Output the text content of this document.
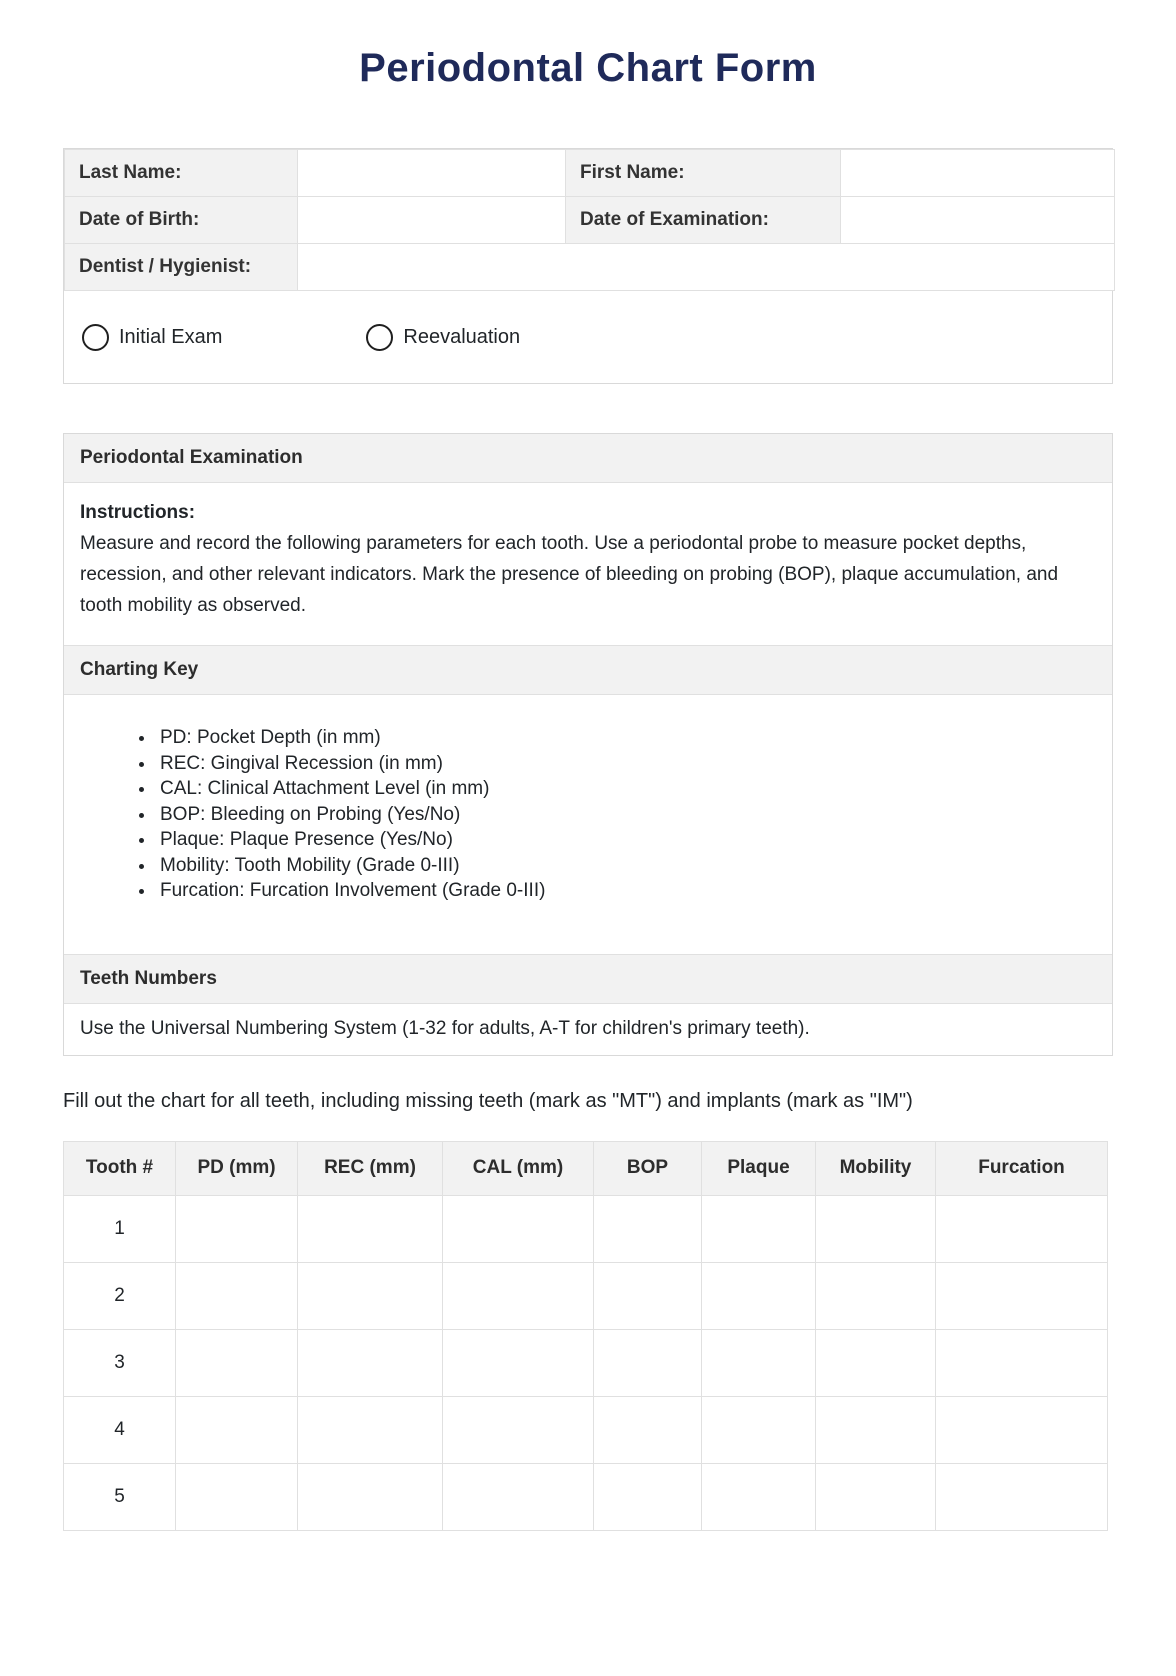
Periodontal Chart Form
Last Name:		First Name:	
Date of Birth:		Date of Examination:	
Dentist / Hygienist:			
Initial Exam	Reevaluation
Periodontal Examination

Instructions:

Measure and record the following parameters for each tooth. Use a periodontal probe to measure pocket depths, recession, and other relevant indicators. Mark the presence of bleeding on probing (BOP), plaque accumulation, and tooth mobility as observed.

Charting Key
• PD: Pocket Depth (in mm)
• REC: Gingival Recession (in mm)
• CAL: Clinical Attachment Level (in mm)
• BOP: Bleeding on Probing (Yes/No)
• Plaque: Plaque Presence (Yes/No)
• Mobility: Tooth Mobility (Grade 0-III)
• Furcation: Furcation Involvement (Grade 0-III)
Teeth Numbers
Use the Universal Numbering System (1-32 for adults, A-T for children's primary teeth).

Fill out the chart for all teeth, including missing teeth (mark as "MT") and implants (mark as "IM")

Tooth #	PD (mm)	REC (mm)	CAL (mm)	BOP	Plaque	Mobility	Furcation
1							
2							
3							
4							
5							
